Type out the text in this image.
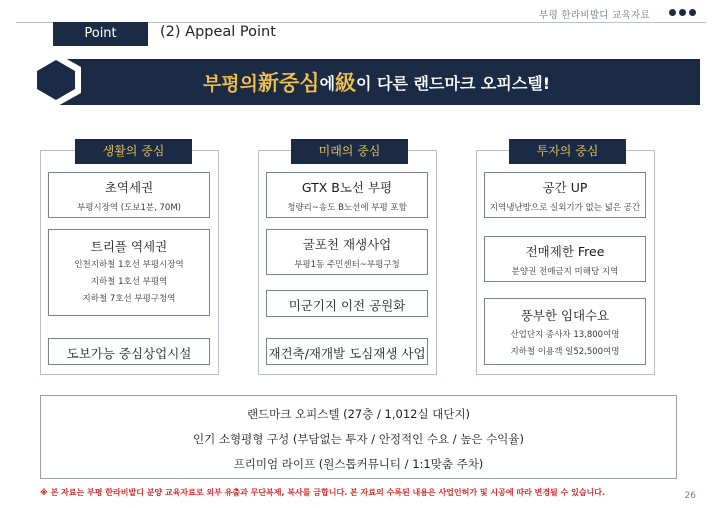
부평 한라비발디 교육자료
Point	(2) Appeal Point
부평의 新중심 에 級 이 다른 랜드마크 오피스텔!
생활의 중심
초역세권
부평시장역 (도보1분, 70M)
트리플 역세권
인천지하철 1호선 부평시장역
지하철 1호선 부평역
지하철 7호선 부평구청역
도보가능 중심상업시설
미래의 중심
GTX B노선 부평
청량리~송도 B노선에 부평 포함
굴포천 재생사업
부평1동 주민센터~부평구청
미군기지 이전 공원화
재건축/재개발 도심재생 사업
투자의 중심
공간 UP
지역냉난방으로 실외기가 없는 넓은 공간
전매제한 Free
분양권 전매금지 미해당 지역
풍부한 임대수요
산업단지 종사자 13,800여명
지하철 이용객 일52,500여명
랜드마크 오피스텔 (27층 / 1,012실 대단지)
인기 소형평형 구성 (부담없는 투자 / 안정적인 수요 / 높은 수익율)
프리미엄 라이프 (원스톱커뮤니티 / 1:1맞춤 주차)
※ 본 자료는 부평 한라비발디 분양 교육자료로 외부 유출과 무단복제, 복사를 금합니다. 본 자료의 수록된 내용은 사업인허가 및 시공에 따라 변경될 수 있습니다.	26
